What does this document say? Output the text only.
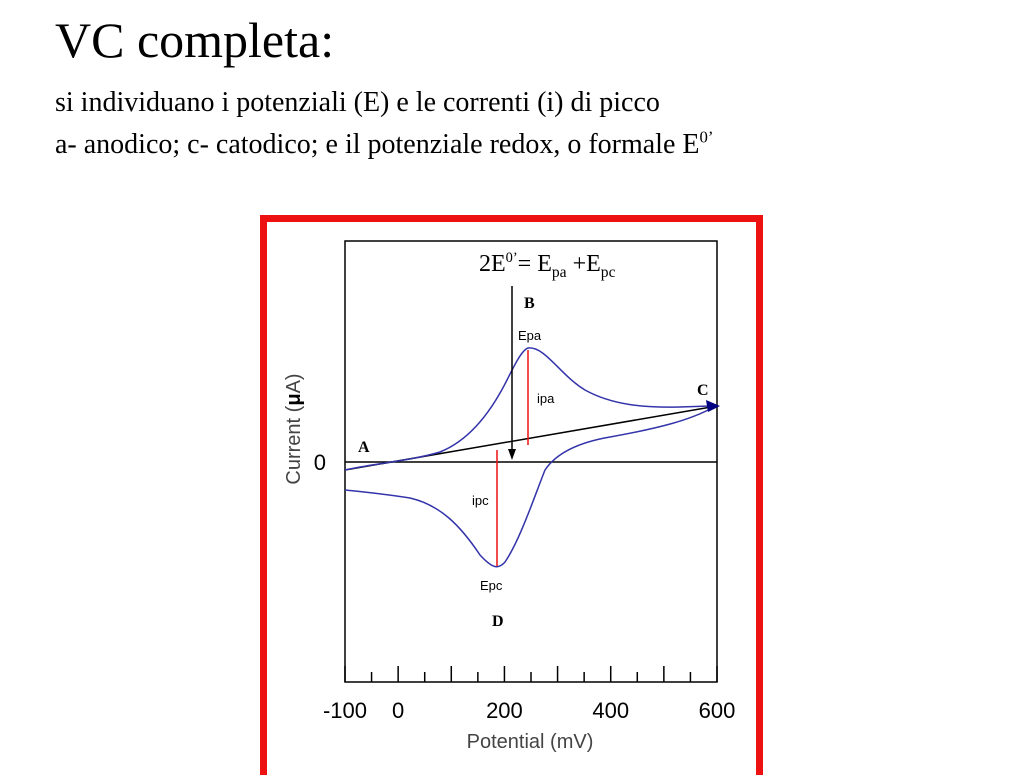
VC completa:
si individuano i potenziali (E) e le correnti (i) di picco
a- anodico; c- catodico; e il potenziale redox, o formale $E^{0’}$
-100 0	200	400	600
0
Potential (mV)
Current (μA)
A
B
C
D
Epa
ipa
ipc
Epc
$2E^{0’}= E_{pa} +E_{pc}$
